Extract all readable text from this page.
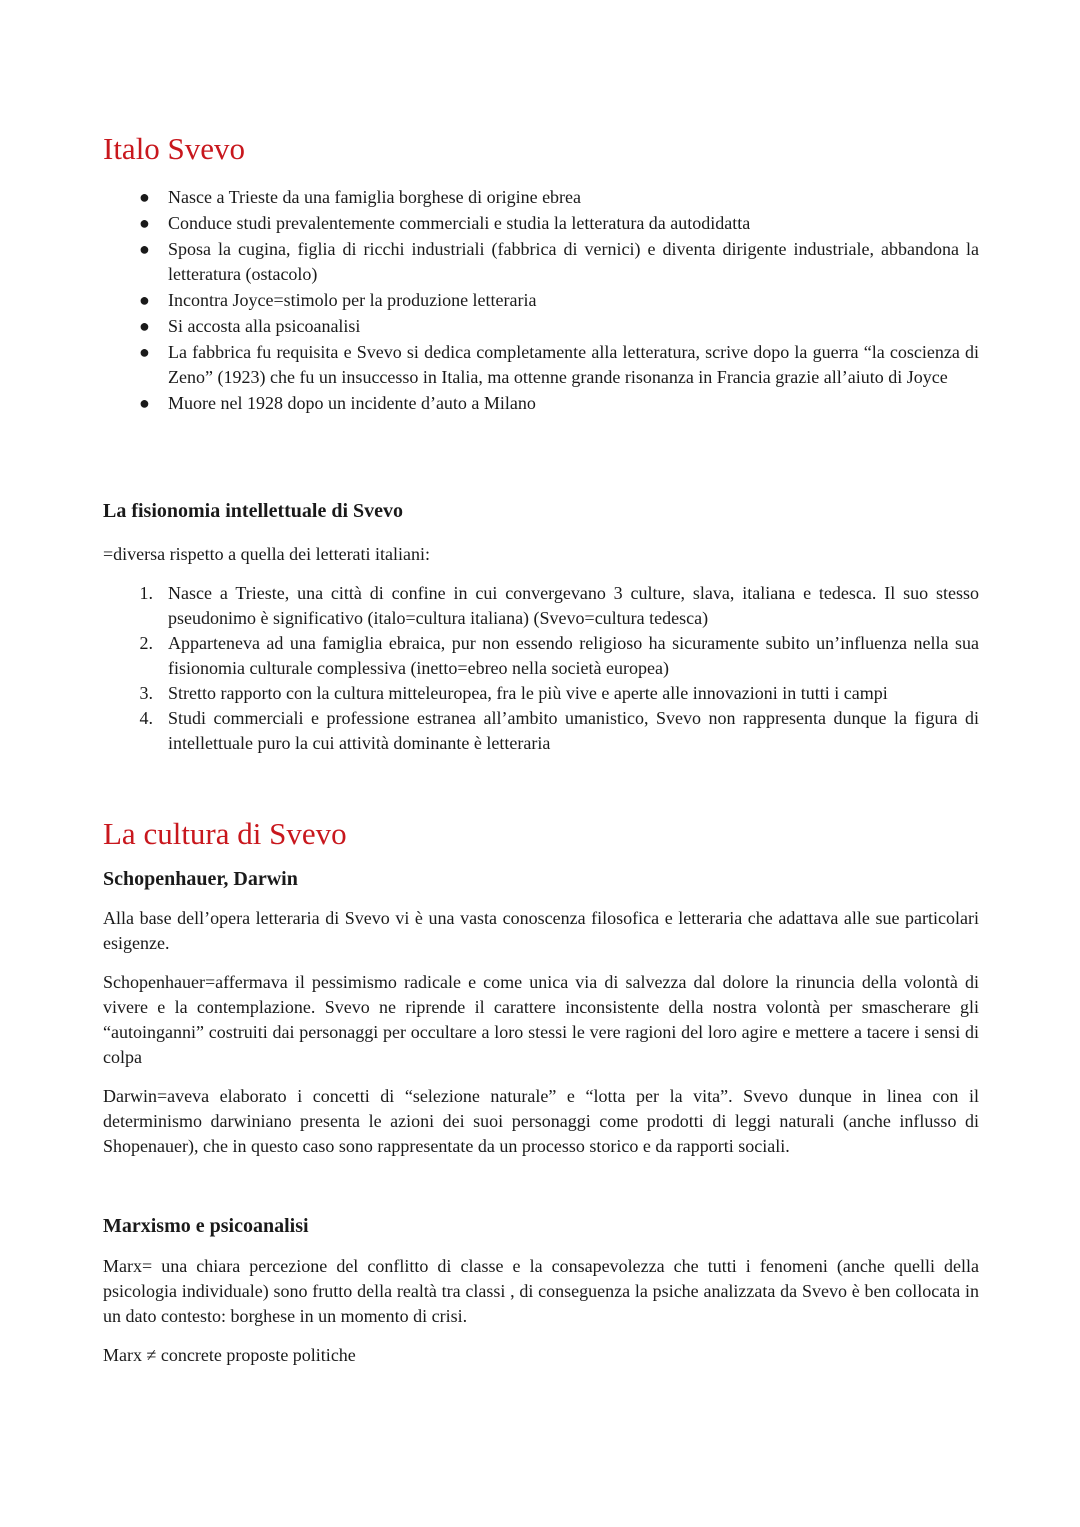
Italo Svevo
● Nasce a Trieste da una famiglia borghese di origine ebrea
● Conduce studi prevalentemente commerciali e studia la letteratura da autodidatta
● Sposa la cugina, figlia di ricchi industriali (fabbrica di vernici) e diventa dirigente industriale, abbandona la letteratura (ostacolo)
● Incontra Joyce=stimolo per la produzione letteraria
● Si accosta alla psicoanalisi
● La fabbrica fu requisita e Svevo si dedica completamente alla letteratura, scrive dopo la guerra “la coscienza di Zeno” (1923) che fu un insuccesso in Italia, ma ottenne grande risonanza in Francia grazie all’aiuto di Joyce
● Muore nel 1928 dopo un incidente d’auto a Milano
La fisionomia intellettuale di Svevo

=diversa rispetto a quella dei letterati italiani:

1. Nasce a Trieste, una città di confine in cui convergevano 3 culture, slava, italiana e tedesca. Il suo stesso pseudonimo è significativo (italo=cultura italiana) (Svevo=cultura tedesca)
2. Apparteneva ad una famiglia ebraica, pur non essendo religioso ha sicuramente subito un’influenza nella sua fisionomia culturale complessiva (inetto=ebreo nella società europea)
3. Stretto rapporto con la cultura mitteleuropea, fra le più vive e aperte alle innovazioni in tutti i campi
4. Studi commerciali e professione estranea all’ambito umanistico, Svevo non rappresenta dunque la figura di intellettuale puro la cui attività dominante è letteraria
La cultura di Svevo
Schopenhauer, Darwin

Alla base dell’opera letteraria di Svevo vi è una vasta conoscenza filosofica e letteraria che adattava alle sue particolari esigenze.

Schopenhauer=affermava il pessimismo radicale e come unica via di salvezza dal dolore la rinuncia della volontà di vivere e la contemplazione. Svevo ne riprende il carattere inconsistente della nostra volontà per smascherare gli “autoinganni” costruiti dai personaggi per occultare a loro stessi le vere ragioni del loro agire e mettere a tacere i sensi di colpa

Darwin=aveva elaborato i concetti di “selezione naturale” e “lotta per la vita”. Svevo dunque in linea con il determinismo darwiniano presenta le azioni dei suoi personaggi come prodotti di leggi naturali (anche influsso di Shopenauer), che in questo caso sono rappresentate da un processo storico e da rapporti sociali.

Marxismo e psicoanalisi

Marx= una chiara percezione del conflitto di classe e la consapevolezza che tutti i fenomeni (anche quelli della psicologia individuale) sono frutto della realtà tra classi , di conseguenza la psiche analizzata da Svevo è ben collocata in un dato contesto: borghese in un momento di crisi.

Marx ≠ concrete proposte politiche
